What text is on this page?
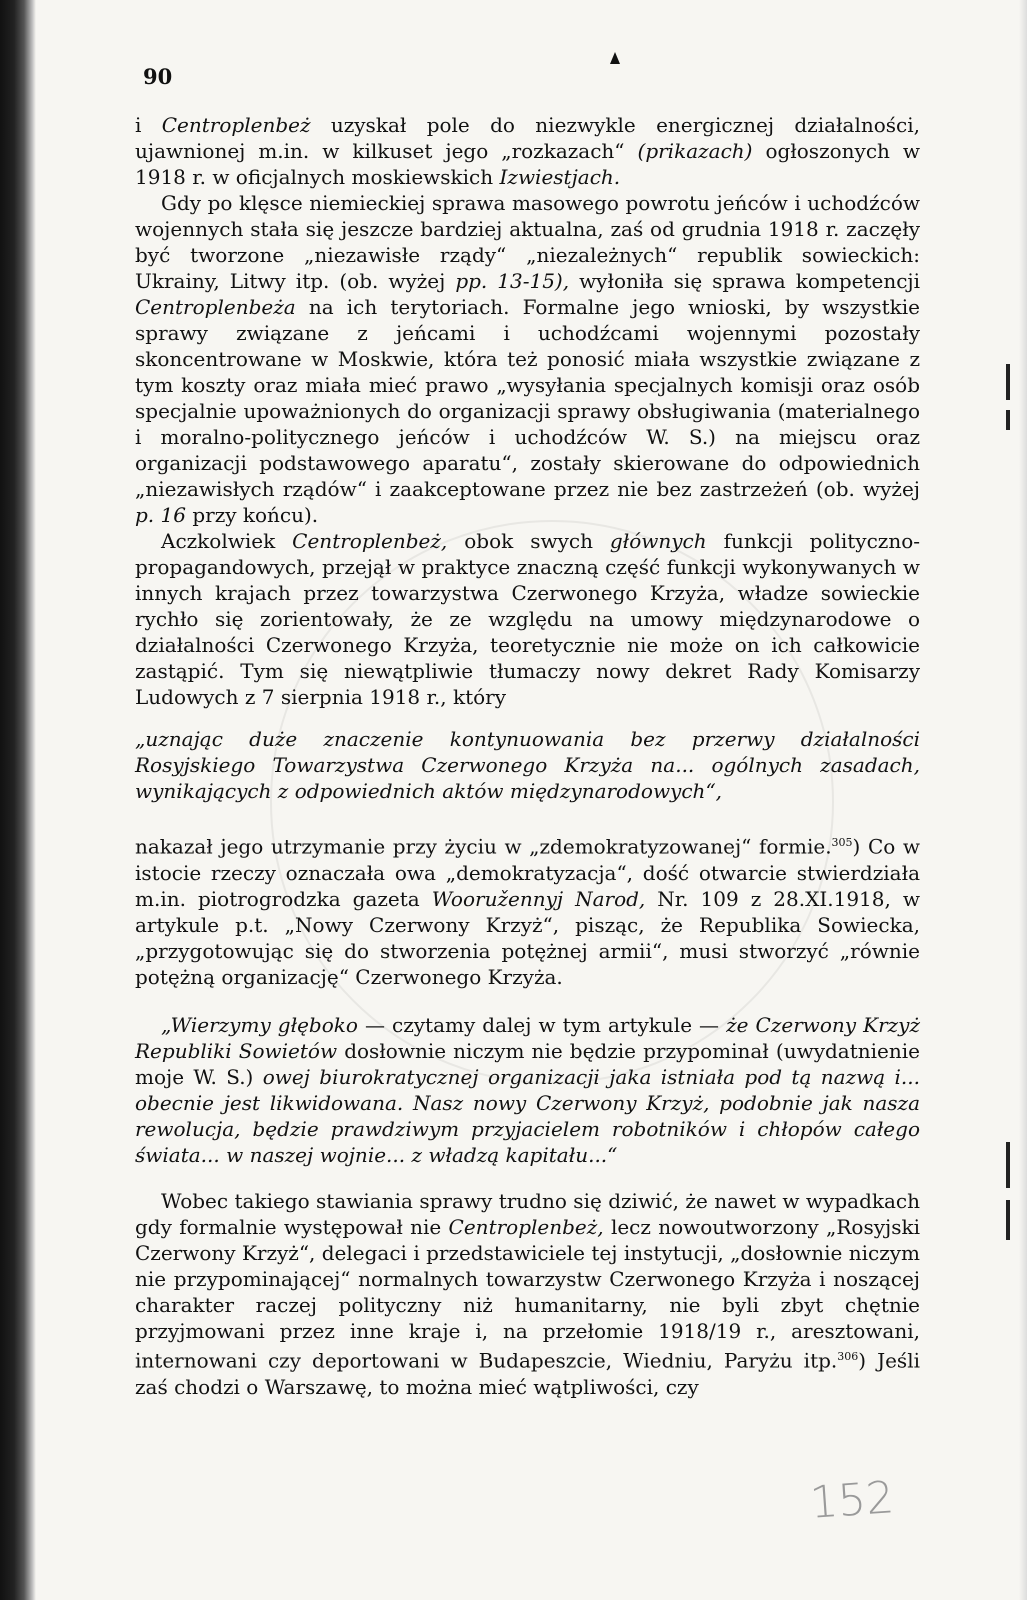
90

i Centroplenbeż uzyskał pole do niezwykle energicznej działalności, ujawnionej m.in. w kilkuset jego „rozkazach“ (prikazach) ogłoszonych w 1918 r. w oficjalnych moskiewskich Izwiestjach.

Gdy po klęsce niemieckiej sprawa masowego powrotu jeńców i uchodźców wojennych stała się jeszcze bardziej aktualna, zaś od grudnia 1918 r. zaczęły być tworzone „niezawisłe rządy“ „niezależnych“ republik sowieckich: Ukrainy, Litwy itp. (ob. wyżej pp. 13-15), wyłoniła się sprawa kompetencji Centroplenbeża na ich terytoriach. Formalne jego wnioski, by wszystkie sprawy związane z jeńcami i uchodźcami wojennymi pozostały skoncentrowane w Moskwie, która też ponosić miała wszystkie związane z tym koszty oraz miała mieć prawo „wysyłania specjalnych komisji oraz osób specjalnie upoważnionych do organizacji sprawy obsługiwania (materialnego i moralno-politycznego jeńców i uchodźców W. S.) na miejscu oraz organizacji podstawowego aparatu“, zostały skierowane do odpowiednich „niezawisłych rządów“ i zaakceptowane przez nie bez zastrzeżeń (ob. wyżej p. 16 przy końcu).

Aczkolwiek Centroplenbeż, obok swych głównych funkcji polityczno-propagandowych, przejął w praktyce znaczną część funkcji wykonywanych w innych krajach przez towarzystwa Czerwonego Krzyża, władze sowieckie rychło się zorientowały, że ze względu na umowy międzynarodowe o działalności Czerwonego Krzyża, teoretycznie nie może on ich całkowicie zastąpić. Tym się niewątpliwie tłumaczy nowy dekret Rady Komisarzy Ludowych z 7 sierpnia 1918 r., który

„uznając duże znaczenie kontynuowania bez przerwy działalności Rosyjskiego Towarzystwa Czerwonego Krzyża na... ogólnych zasadach, wynikających z odpowiednich aktów międzynarodowych“,

nakazał jego utrzymanie przy życiu w „zdemokratyzowanej“ formie.$^{305}$) Co w istocie rzeczy oznaczała owa „demokratyzacja“, dość otwarcie stwierdziała m.in. piotrogrodzka gazeta Wooružennyj Narod, Nr. 109 z 28.XI.1918, w artykule p.t. „Nowy Czerwony Krzyż“, pisząc, że Republika Sowiecka, „przygotowując się do stworzenia potężnej armii“, musi stworzyć „równie potężną organizację“ Czerwonego Krzyża.

„Wierzymy głęboko — czytamy dalej w tym artykule — że Czerwony Krzyż Republiki Sowietów dosłownie niczym nie będzie przypominał (uwydatnienie moje W. S.) owej biurokratycznej organizacji jaka istniała pod tą nazwą i... obecnie jest likwidowana. Nasz nowy Czerwony Krzyż, podobnie jak nasza rewolucja, będzie prawdziwym przyjacielem robotników i chłopów całego świata... w naszej wojnie... z władzą kapitału...“

Wobec takiego stawiania sprawy trudno się dziwić, że nawet w wypadkach gdy formalnie występował nie Centroplenbeż, lecz nowoutworzony „Rosyjski Czerwony Krzyż“, delegaci i przedstawiciele tej instytucji, „dosłownie niczym nie przypominającej“ normalnych towarzystw Czerwonego Krzyża i noszącej charakter raczej polityczny niż humanitarny, nie byli zbyt chętnie przyjmowani przez inne kraje i, na przełomie 1918/19 r., aresztowani, internowani czy deportowani w Budapeszcie, Wiedniu, Paryżu itp.$^{306}$) Jeśli zaś chodzi o Warszawę, to można mieć wątpliwości, czy

152
